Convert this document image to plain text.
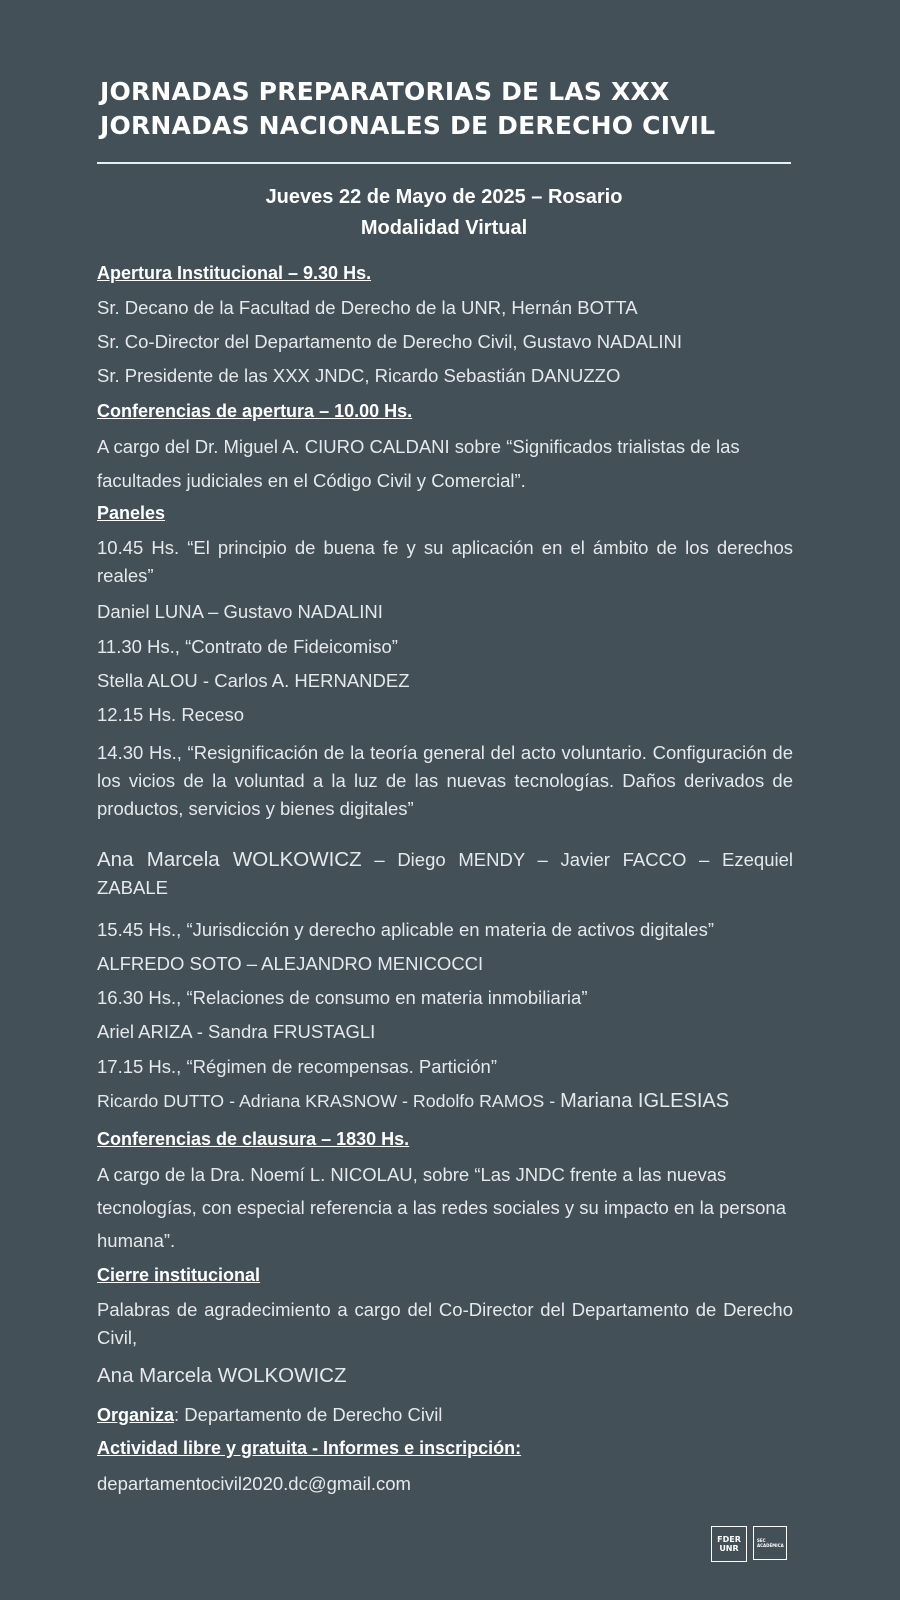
JORNADAS PREPARATORIAS DE LAS XXX
JORNADAS NACIONALES DE DERECHO CIVIL
Jueves 22 de Mayo de 2025 – Rosario
Modalidad Virtual
Apertura Institucional – 9.30 Hs.
Sr. Decano de la Facultad de Derecho de la UNR, Hernán BOTTA
Sr. Co-Director del Departamento de Derecho Civil, Gustavo NADALINI
Sr. Presidente de las XXX JNDC, Ricardo Sebastián DANUZZO
Conferencias de apertura – 10.00 Hs.
A cargo del Dr. Miguel A. CIURO CALDANI sobre “Significados trialistas de las facultades judiciales en el Código Civil y Comercial”.
Paneles
10.45 Hs. “El principio de buena fe y su aplicación en el ámbito de los derechos reales”
Daniel LUNA – Gustavo NADALINI
11.30 Hs., “Contrato de Fideicomiso”
Stella ALOU - Carlos A. HERNANDEZ
12.15 Hs. Receso
14.30 Hs., “Resignificación de la teoría general del acto voluntario. Configuración de los vicios de la voluntad a la luz de las nuevas tecnologías. Daños derivados de productos, servicios y bienes digitales”
Ana Marcela WOLKOWICZ – Diego MENDY – Javier FACCO – Ezequiel ZABALE
15.45 Hs., “Jurisdicción y derecho aplicable en materia de activos digitales”
ALFREDO SOTO – ALEJANDRO MENICOCCI
16.30 Hs., “Relaciones de consumo en materia inmobiliaria”
Ariel ARIZA - Sandra FRUSTAGLI
17.15 Hs., “Régimen de recompensas. Partición”
Ricardo DUTTO - Adriana KRASNOW - Rodolfo RAMOS - Mariana IGLESIAS
Conferencias de clausura – 1830 Hs.
A cargo de la Dra. Noemí L. NICOLAU, sobre “Las JNDC frente a las nuevas tecnologías, con especial referencia a las redes sociales y su impacto en la persona humana”.
Cierre institucional
Palabras de agradecimiento a cargo del Co-Director del Departamento de Derecho Civil,
Ana Marcela WOLKOWICZ
Organiza: Departamento de Derecho Civil
Actividad libre y gratuita - Informes e inscripción:
departamentocivil2020.dc@gmail.com
FDER
UNR
SEC
ACADÉMICA
